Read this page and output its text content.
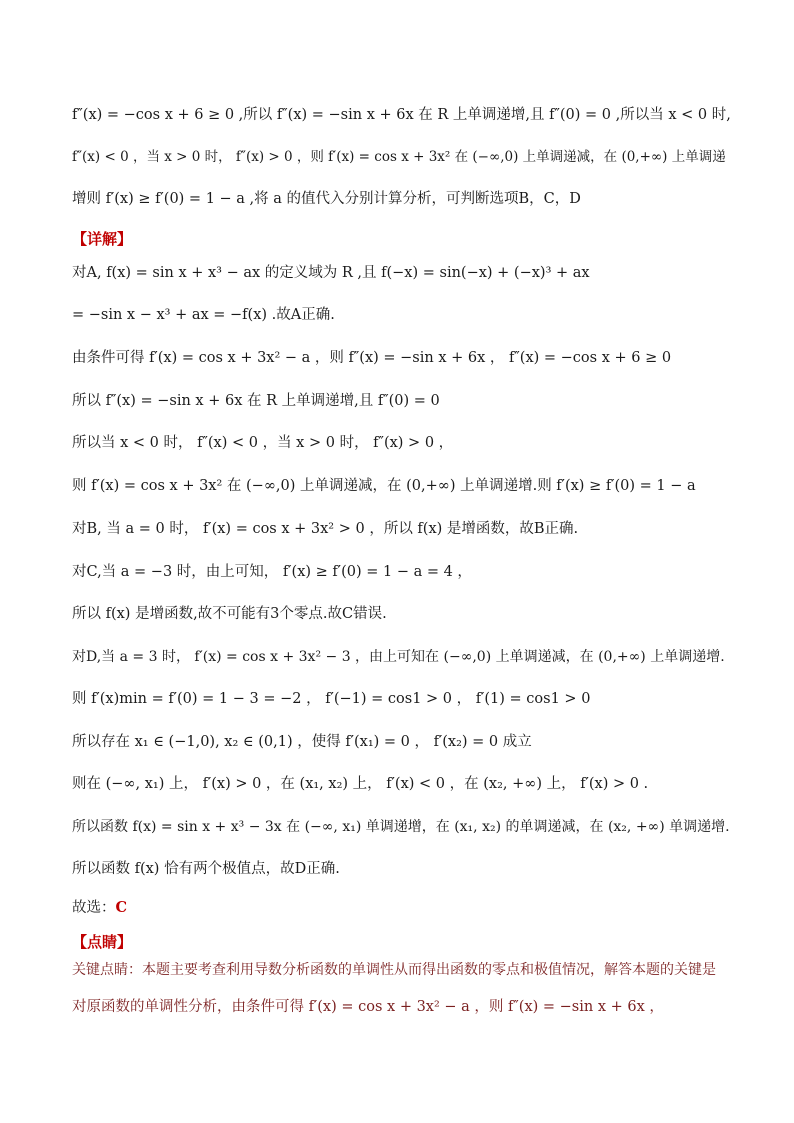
f″(x) = −cos x + 6 ≥ 0 ,所以 f″(x) = −sin x + 6x 在 R 上单调递增,且 f″(0) = 0 ,所以当 x < 0 时,
f″(x) < 0 ，当 x > 0 时， f″(x) > 0 ，则 f′(x) = cos x + 3x² 在 (−∞,0) 上单调递减，在 (0,+∞) 上单调递
增则 f′(x) ≥ f′(0) = 1 − a ,将 a 的值代入分别计算分析，可判断选项B，C，D
【详解】
对A, f(x) = sin x + x³ − ax 的定义域为 R ,且 f(−x) = sin(−x) + (−x)³ + ax
= −sin x − x³ + ax = −f(x) .故A正确.
由条件可得 f′(x) = cos x + 3x² − a ，则 f″(x) = −sin x + 6x ， f″(x) = −cos x + 6 ≥ 0
所以 f″(x) = −sin x + 6x 在 R 上单调递增,且 f″(0) = 0
所以当 x < 0 时， f″(x) < 0 ，当 x > 0 时， f″(x) > 0 ，
则 f′(x) = cos x + 3x² 在 (−∞,0) 上单调递减，在 (0,+∞) 上单调递增.则 f′(x) ≥ f′(0) = 1 − a
对B, 当 a = 0 时， f′(x) = cos x + 3x² > 0 ，所以 f(x) 是增函数，故B正确.
对C,当 a = −3 时，由上可知， f′(x) ≥ f′(0) = 1 − a = 4 ，
所以 f(x) 是增函数,故不可能有3个零点.故C错误.
对D,当 a = 3 时， f′(x) = cos x + 3x² − 3 ，由上可知在 (−∞,0) 上单调递减，在 (0,+∞) 上单调递增.
则 f′(x)min = f′(0) = 1 − 3 = −2 ， f′(−1) = cos1 > 0 ， f′(1) = cos1 > 0
所以存在 x₁ ∈ (−1,0), x₂ ∈ (0,1) ，使得 f′(x₁) = 0 ， f′(x₂) = 0 成立
则在 (−∞, x₁) 上， f′(x) > 0 ，在 (x₁, x₂) 上， f′(x) < 0 ，在 (x₂, +∞) 上， f′(x) > 0 .
所以函数 f(x) = sin x + x³ − 3x 在 (−∞, x₁) 单调递增，在 (x₁, x₂) 的单调递减，在 (x₂, +∞) 单调递增.
所以函数 f(x) 恰有两个极值点，故D正确.
故选：C
【点睛】
关键点睛：本题主要考查利用导数分析函数的单调性从而得出函数的零点和极值情况，解答本题的关键是
对原函数的单调性分析，由条件可得 f′(x) = cos x + 3x² − a ，则 f″(x) = −sin x + 6x ，
